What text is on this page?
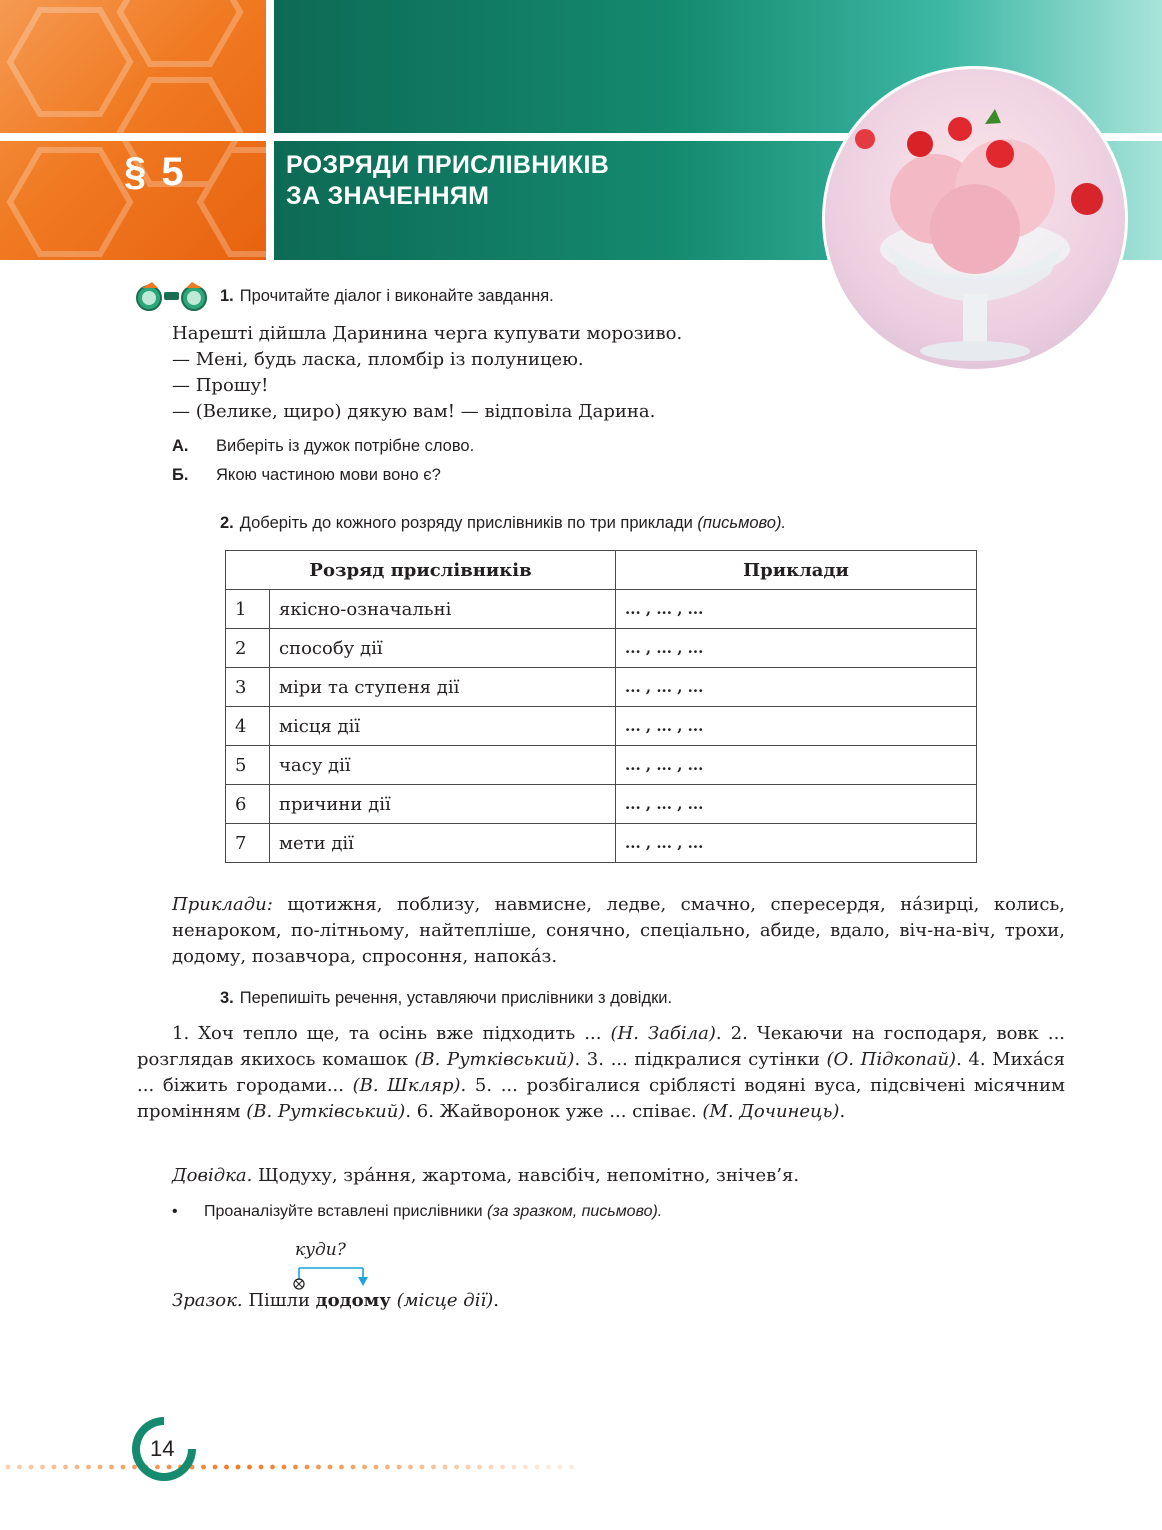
§ 5	РОЗРЯДИ ПРИСЛІВНИКІВ
ЗА ЗНАЧЕННЯМ
1. Прочитайте діалог і виконайте завдання.
Нарешті дійшла Даринина черга купувати морозиво.
— Мені, будь ласка, пломбір із полуницею.
— Прошу!
— (Велике, щиро) дякую вам! — відповіла Дарина.
А. Виберіть із дужок потрібне слово.
Б. Якою частиною мови воно є?
2. Доберіть до кожного розряду прислівників по три приклади (письмово).
Розряд прислівників		Приклади
1	якісно-означальні	... , ... , ...
2	способу дії	... , ... , ...
3	міри та ступеня дії	... , ... , ...
4	місця дії	... , ... , ...
5	часу дії	... , ... , ...
6	причини дії	... , ... , ...
7	мети дії	... , ... , ...
Приклади: щотижня, поблизу, навмисне, ледве, смачно, спересердя, на́зирці, колись, ненароком, по-літньому, найтепліше, сонячно, спеціально, абиде, вдало, віч-на-віч, трохи, додому, позавчора, спросоння, напока́з.
3. Перепишіть речення, уставляючи прислівники з довідки.
1. Хоч тепло ще, та осінь вже підходить ... (Н. Забіла). 2. Чекаючи на господаря, вовк ... розглядав якихось комашок (В. Рутківський). 3. ... підкралися сутінки (О. Підкопай). 4. Миха́ся ... біжить городами... (В. Шкляр). 5. ... розбігалися сріблясті водяні вуса, підсвічені місячним промінням (В. Рутківський). 6. Жайворонок уже ... співає. (М. Дочинець).
Довідка. Щодуху, зра́ння, жартома, навсібіч, непомітно, знічев’я.
• Проаналізуйте вставлені прислівники (за зразком, письмово).
куди?
Зразок. Пішли додому (місце дії).
14
